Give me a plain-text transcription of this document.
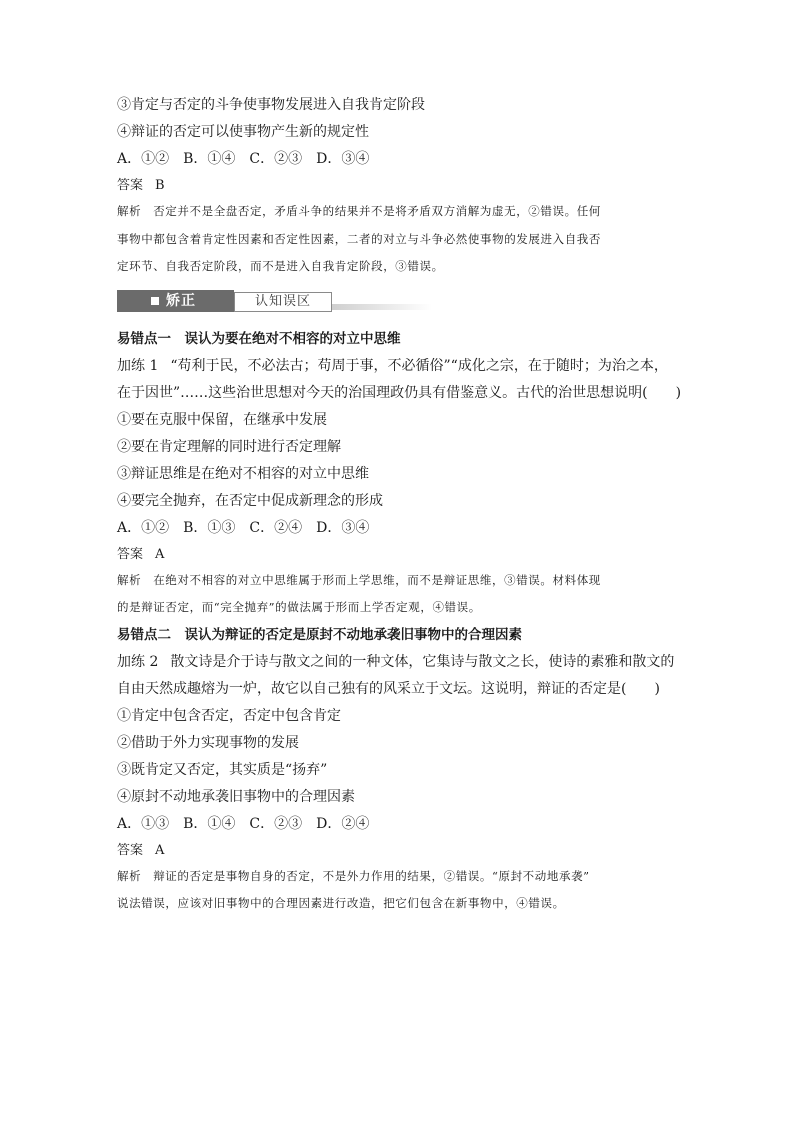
③肯定与否定的斗争使事物发展进入自我肯定阶段
④辩证的否定可以使事物产生新的规定性
A．①②　B．①④　C．②③　D．③④
答案 B
解析 否定并不是全盘否定，矛盾斗争的结果并不是将矛盾双方消解为虚无，②错误。任何
事物中都包含着肯定性因素和否定性因素，二者的对立与斗争必然使事物的发展进入自我否
定环节、自我否定阶段，而不是进入自我肯定阶段，③错误。
矫正	认知误区
易错点一　误认为要在绝对不相容的对立中思维
加练 1 “苟利于民，不必法古；苟周于事，不必循俗”“成化之宗，在于随时；为治之本，
在于因世”……这些治世思想对今天的治国理政仍具有借鉴意义。古代的治世思想说明(　　)
①要在克服中保留，在继承中发展
②要在肯定理解的同时进行否定理解
③辩证思维是在绝对不相容的对立中思维
④要完全抛弃，在否定中促成新理念的形成
A．①②　B．①③　C．②④　D．③④
答案 A
解析 在绝对不相容的对立中思维属于形而上学思维，而不是辩证思维，③错误。材料体现
的是辩证否定，而“完全抛弃”的做法属于形而上学否定观，④错误。
易错点二　误认为辩证的否定是原封不动地承袭旧事物中的合理因素
加练 2 散文诗是介于诗与散文之间的一种文体，它集诗与散文之长，使诗的素雅和散文的
自由天然成趣熔为一炉，故它以自己独有的风采立于文坛。这说明，辩证的否定是(　　)
①肯定中包含否定，否定中包含肯定
②借助于外力实现事物的发展
③既肯定又否定，其实质是“扬弃”
④原封不动地承袭旧事物中的合理因素
A．①③　B．①④　C．②③　D．②④
答案 A
解析 辩证的否定是事物自身的否定，不是外力作用的结果，②错误。“原封不动地承袭”
说法错误，应该对旧事物中的合理因素进行改造，把它们包含在新事物中，④错误。
